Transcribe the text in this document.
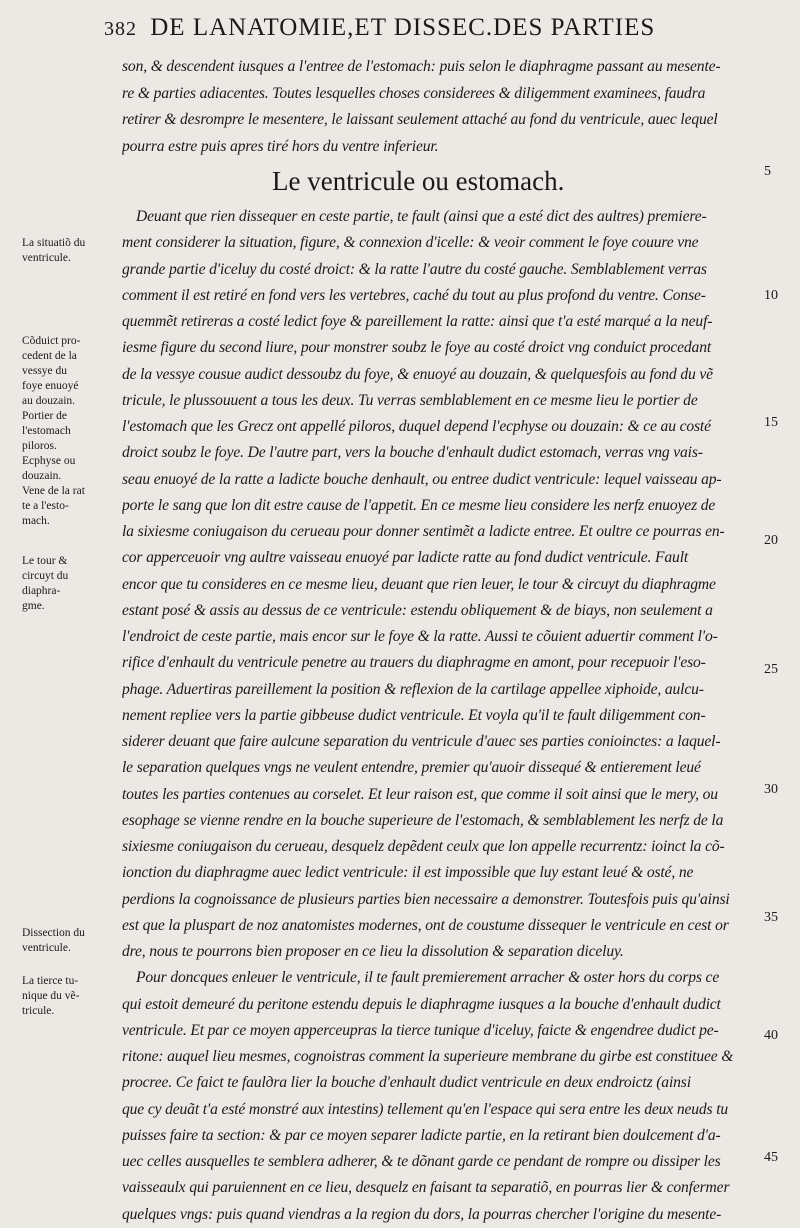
382 DE LANATOMIE,ET DISSEC.DES PARTIES
son, & descendent iusques a l'entree de l'estomach: puis selon le diaphragme passant au mesente-
re & parties adiacentes. Toutes lesquelles choses considerees & diligemment examinees, faudra
retirer & desrompre le mesentere, le laissant seulement attaché au fond du ventricule, auec lequel
pourra estre puis apres tiré hors du ventre inferieur.
Le ventricule ou estomach.
Deuant que rien dissequer en ceste partie, te fault (ainsi que a esté dict des aultres) premiere-
ment considerer la situation, figure, & connexion d'icelle: & veoir comment le foye couure vne
grande partie d'iceluy du costé droict: & la ratte l'autre du costé gauche. Semblablement verras
comment il est retiré en fond vers les vertebres, caché du tout au plus profond du ventre. Conse-
quemmẽt retireras a costé ledict foye & pareillement la ratte: ainsi que t'a esté marqué a la neuf-
iesme figure du second liure, pour monstrer soubz le foye au costé droict vng conduict procedant
de la vessye cousue audict dessoubz du foye, & enuoyé au douzain, & quelquesfois au fond du vẽ
tricule, le plussouuent a tous les deux. Tu verras semblablement en ce mesme lieu le portier de
l'estomach que les Grecz ont appellé piloros, duquel depend l'ecphyse ou douzain: & ce au costé
droict soubz le foye. De l'autre part, vers la bouche d'enhault dudict estomach, verras vng vais-
seau enuoyé de la ratte a ladicte bouche denhault, ou entree dudict ventricule: lequel vaisseau ap-
porte le sang que lon dit estre cause de l'appetit. En ce mesme lieu considere les nerfz enuoyez de
la sixiesme coniugaison du cerueau pour donner sentimẽt a ladicte entree. Et oultre ce pourras en-
cor apperceuoir vng aultre vaisseau enuoyé par ladicte ratte au fond dudict ventricule. Fault
encor que tu consideres en ce mesme lieu, deuant que rien leuer, le tour & circuyt du diaphragme
estant posé & assis au dessus de ce ventricule: estendu obliquement & de biays, non seulement a
l'endroict de ceste partie, mais encor sur le foye & la ratte. Aussi te cõuient aduertir comment l'o-
rifice d'enhault du ventricule penetre au trauers du diaphragme en amont, pour recepuoir l'eso-
phage. Aduertiras pareillement la position & reflexion de la cartilage appellee xiphoide, aulcu-
nement repliee vers la partie gibbeuse dudict ventricule. Et voyla qu'il te fault diligemment con-
siderer deuant que faire aulcune separation du ventricule d'auec ses parties conioinctes: a laquel-
le separation quelques vngs ne veulent entendre, premier qu'auoir dissequé & entierement leué
toutes les parties contenues au corselet. Et leur raison est, que comme il soit ainsi que le mery, ou
esophage se vienne rendre en la bouche superieure de l'estomach, & semblablement les nerfz de la
sixiesme coniugaison du cerueau, desquelz depẽdent ceulx que lon appelle recurrentz: ioinct la cõ-
ionction du diaphragme auec ledict ventricule: il est impossible que luy estant leué & osté, ne
perdions la cognoissance de plusieurs parties bien necessaire a demonstrer. Toutesfois puis qu'ainsi
est que la pluspart de noz anatomistes modernes, ont de coustume dissequer le ventricule en cest or
dre, nous te pourrons bien proposer en ce lieu la dissolution & separation diceluy.
Pour doncques enleuer le ventricule, il te fault premierement arracher & oster hors du corps ce
qui estoit demeuré du peritone estendu depuis le diaphragme iusques a la bouche d'enhault dudict
ventricule. Et par ce moyen apperceupras la tierce tunique d'iceluy, faicte & engendree dudict pe-
ritone: auquel lieu mesmes, cognoistras comment la superieure membrane du girbe est constituee &
procree. Ce faict te faulдra lier la bouche d'enhault dudict ventricule en deux endroictz (ainsi
que cy deuãt t'a esté monstré aux intestins) tellement qu'en l'espace qui sera entre les deux neuds tu
puisses faire ta section: & par ce moyen separer ladicte partie, en la retirant bien doulcement d'a-
uec celles ausquelles te semblera adherer, & te dõnant garde ce pendant de rompre ou dissiper les
vaisseaulx qui paruiennent en ce lieu, desquelz en faisant ta separatiõ, en pourras lier & confermer
quelques vngs: puis quand viendras a la region du dors, la pourras chercher l'origine du mesente-
La situatiõ du
ventricule.
Cõduict pro-
cedent de la
vessye du
foye enuoyé
au douzain.
Portier de
l'estomach
piloros.
Ecphyse ou
douzain.
Vene de la rat
te a l'esto-
mach.
Le tour &
circuyt du
diaphra-
gme.
Dissection du
ventricule.
La tierce tu-
nique du vẽ-
tricule.
5
10
15
20
25
30
35
40
45
